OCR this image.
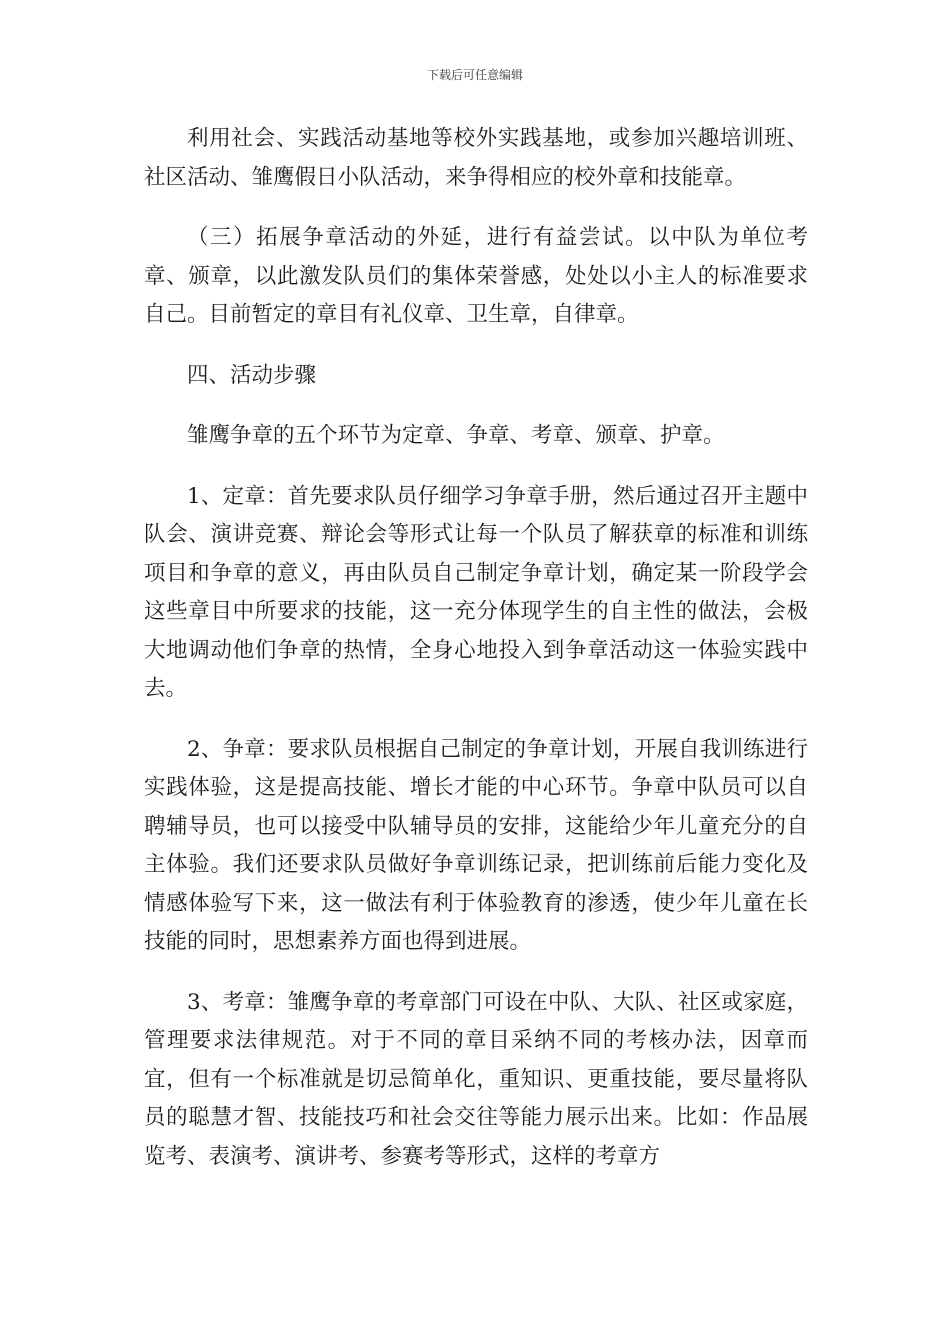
下载后可任意编辑

利用社会、实践活动基地等校外实践基地，或参加兴趣培训班、社区活动、雏鹰假日小队活动，来争得相应的校外章和技能章。

（三）拓展争章活动的外延，进行有益尝试。以中队为单位考章、颁章，以此激发队员们的集体荣誉感，处处以小主人的标准要求自己。目前暂定的章目有礼仪章、卫生章，自律章。

四、活动步骤

雏鹰争章的五个环节为定章、争章、考章、颁章、护章。

1、定章：首先要求队员仔细学习争章手册，然后通过召开主题中队会、演讲竞赛、辩论会等形式让每一个队员了解获章的标准和训练项目和争章的意义，再由队员自己制定争章计划，确定某一阶段学会这些章目中所要求的技能，这一充分体现学生的自主性的做法，会极大地调动他们争章的热情，全身心地投入到争章活动这一体验实践中去。

2、争章：要求队员根据自己制定的争章计划，开展自我训练进行实践体验，这是提高技能、增长才能的中心环节。争章中队员可以自聘辅导员，也可以接受中队辅导员的安排，这能给少年儿童充分的自主体验。我们还要求队员做好争章训练记录，把训练前后能力变化及情感体验写下来，这一做法有利于体验教育的渗透，使少年儿童在长技能的同时，思想素养方面也得到进展。

3、考章：雏鹰争章的考章部门可设在中队、大队、社区或家庭，管理要求法律规范。对于不同的章目采纳不同的考核办法，因章而宜，但有一个标准就是切忌简单化，重知识、更重技能，要尽量将队员的聪慧才智、技能技巧和社会交往等能力展示出来。比如：作品展览考、表演考、演讲考、参赛考等形式，这样的考章方
